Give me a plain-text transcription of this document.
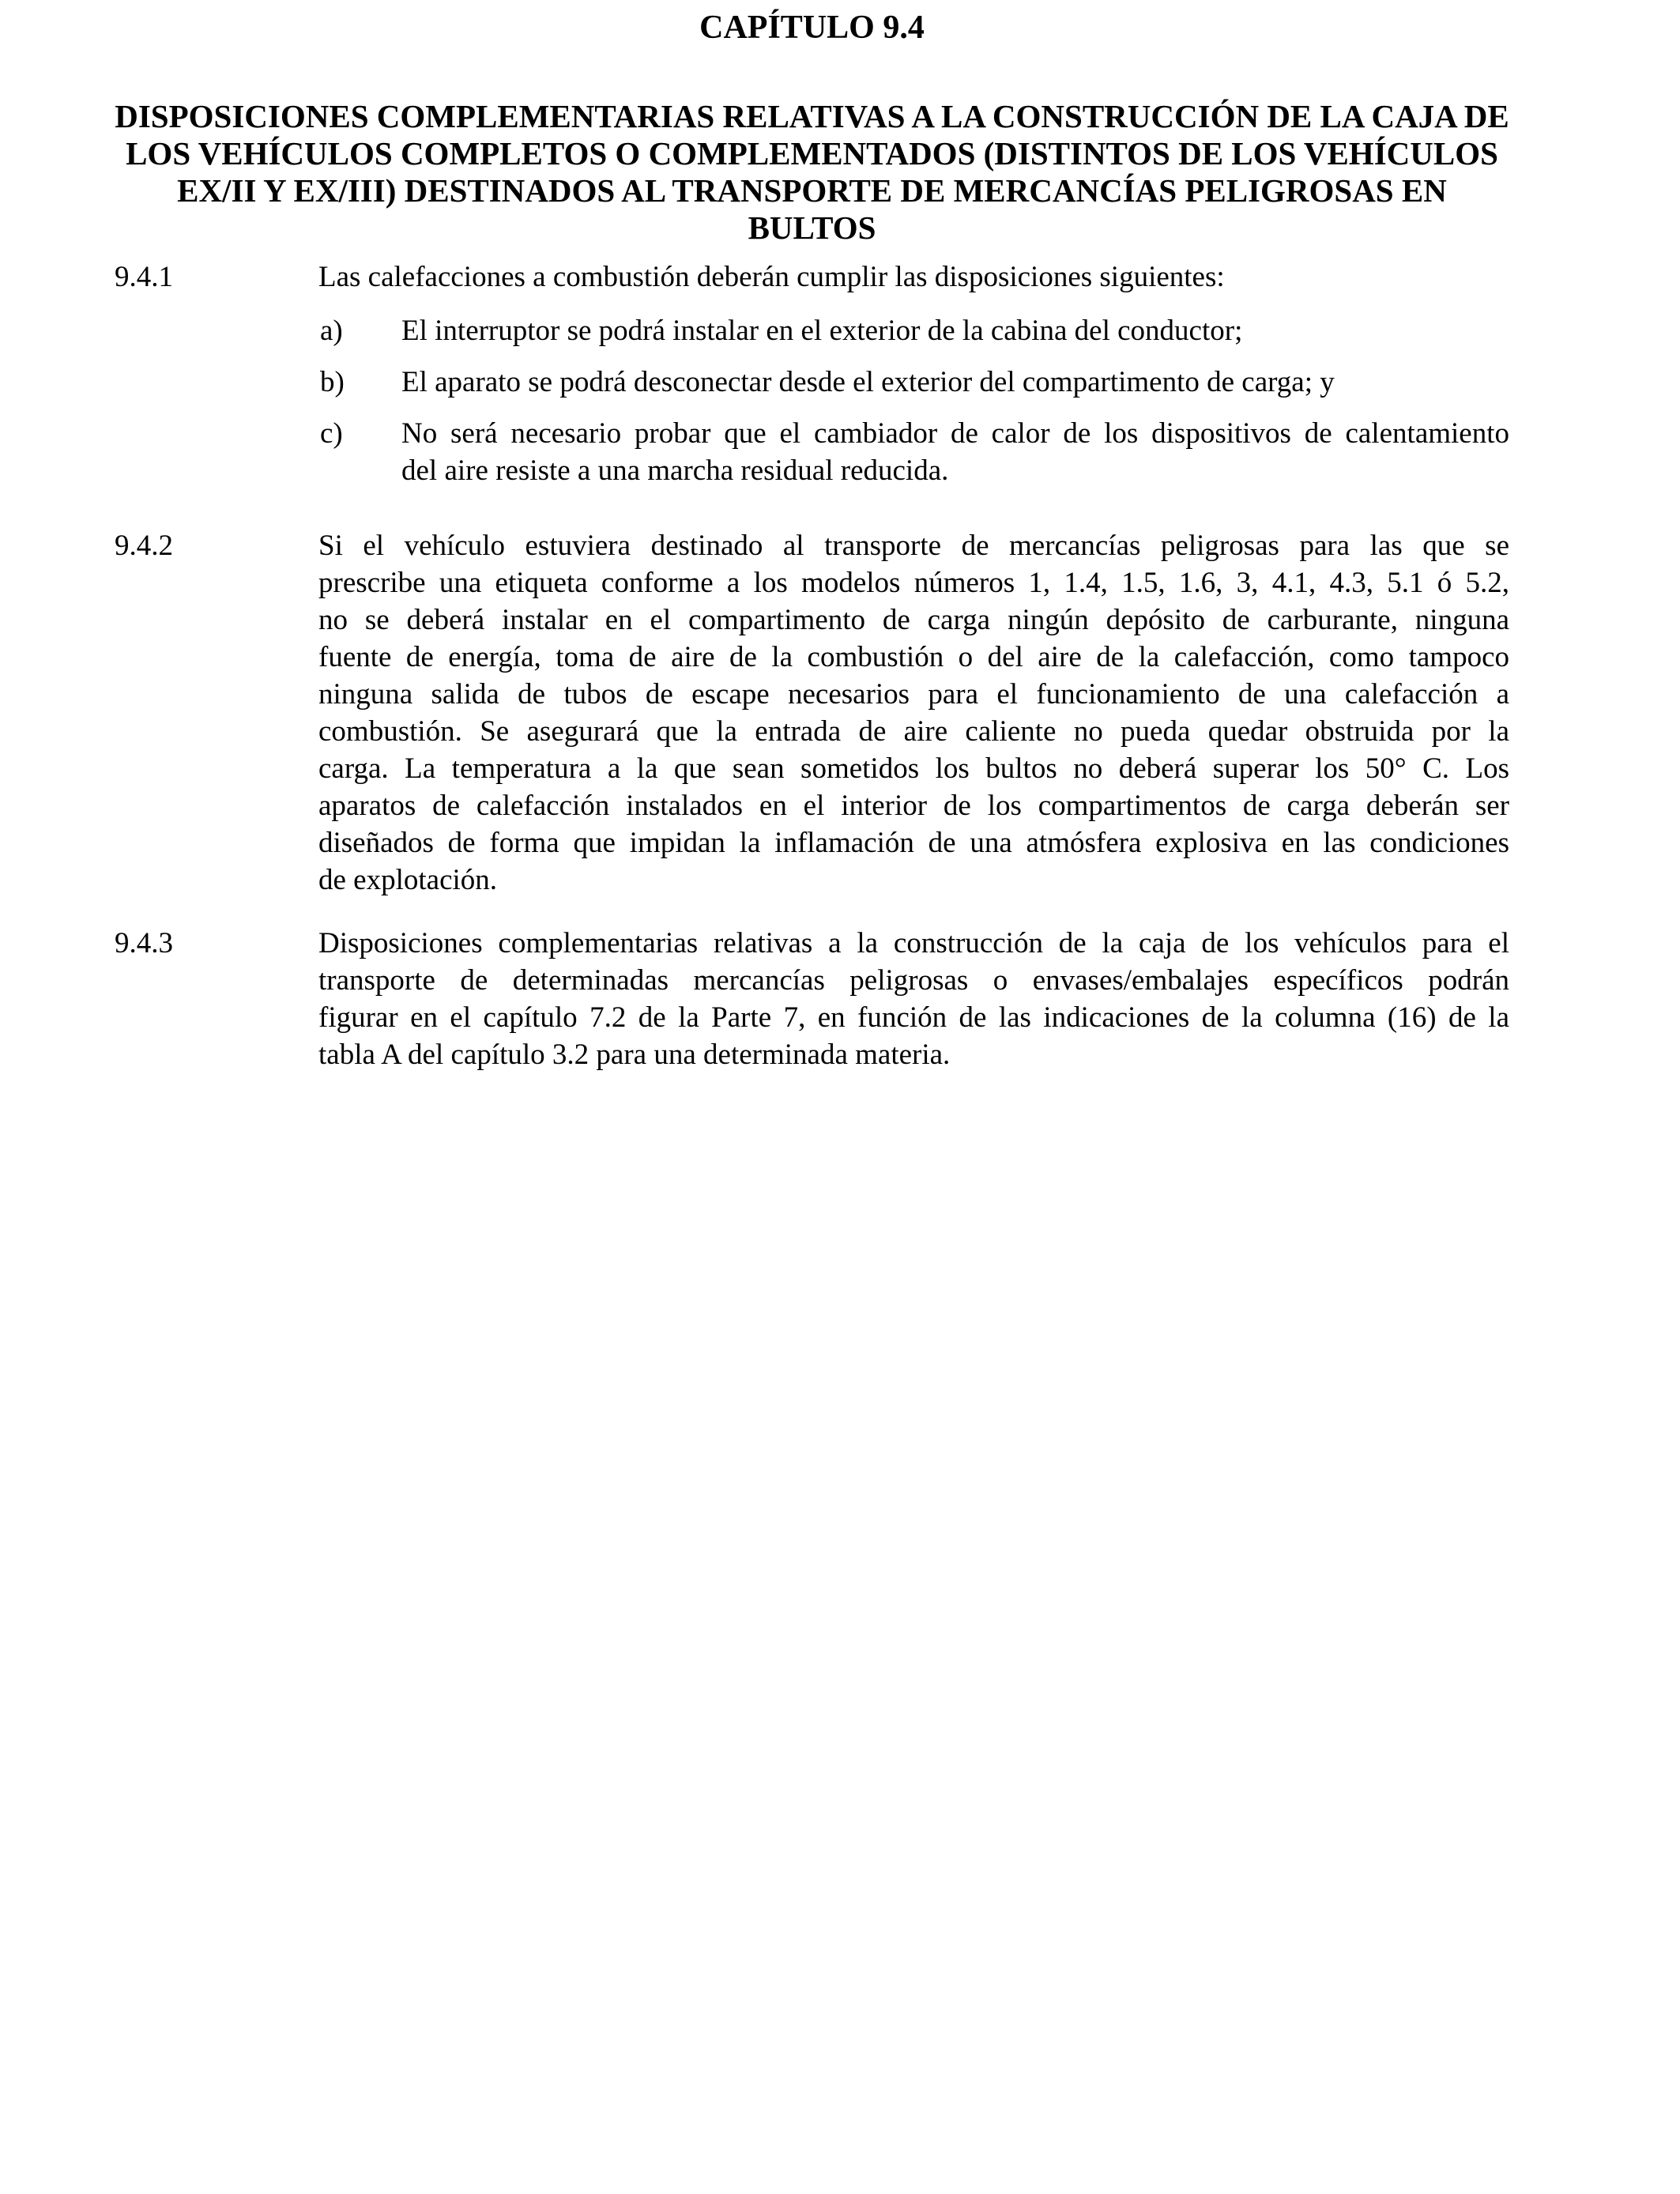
CAPÍTULO 9.4
DISPOSICIONES COMPLEMENTARIAS RELATIVAS A LA CONSTRUCCIÓN DE LA CAJA DE
LOS VEHÍCULOS COMPLETOS O COMPLEMENTADOS (DISTINTOS DE LOS VEHÍCULOS
EX/II Y EX/III) DESTINADOS AL TRANSPORTE DE MERCANCÍAS PELIGROSAS EN BULTOS
9.4.1	Las calefacciones a combustión deberán cumplir las disposiciones siguientes:
a) El interruptor se podrá instalar en el exterior de la cabina del conductor;
b) El aparato se podrá desconectar desde el exterior del compartimento de carga; y
c) No será necesario probar que el cambiador de calor de los dispositivos de calentamiento
del aire resiste a una marcha residual reducida.
9.4.2	Si el vehículo estuviera destinado al transporte de mercancías peligrosas para las que se
prescribe una etiqueta conforme a los modelos números 1, 1.4, 1.5, 1.6, 3, 4.1, 4.3, 5.1 ó 5.2,
no se deberá instalar en el compartimento de carga ningún depósito de carburante, ninguna
fuente de energía, toma de aire de la combustión o del aire de la calefacción, como tampoco
ninguna salida de tubos de escape necesarios para el funcionamiento de una calefacción a
combustión. Se asegurará que la entrada de aire caliente no pueda quedar obstruida por la
carga. La temperatura a la que sean sometidos los bultos no deberá superar los 50° C. Los
aparatos de calefacción instalados en el interior de los compartimentos de carga deberán ser
diseñados de forma que impidan la inflamación de una atmósfera explosiva en las condiciones
de explotación.
9.4.3	Disposiciones complementarias relativas a la construcción de la caja de los vehículos para el
transporte de determinadas mercancías peligrosas o envases/embalajes específicos podrán
figurar en el capítulo 7.2 de la Parte 7, en función de las indicaciones de la columna (16) de la
tabla A del capítulo 3.2 para una determinada materia.
